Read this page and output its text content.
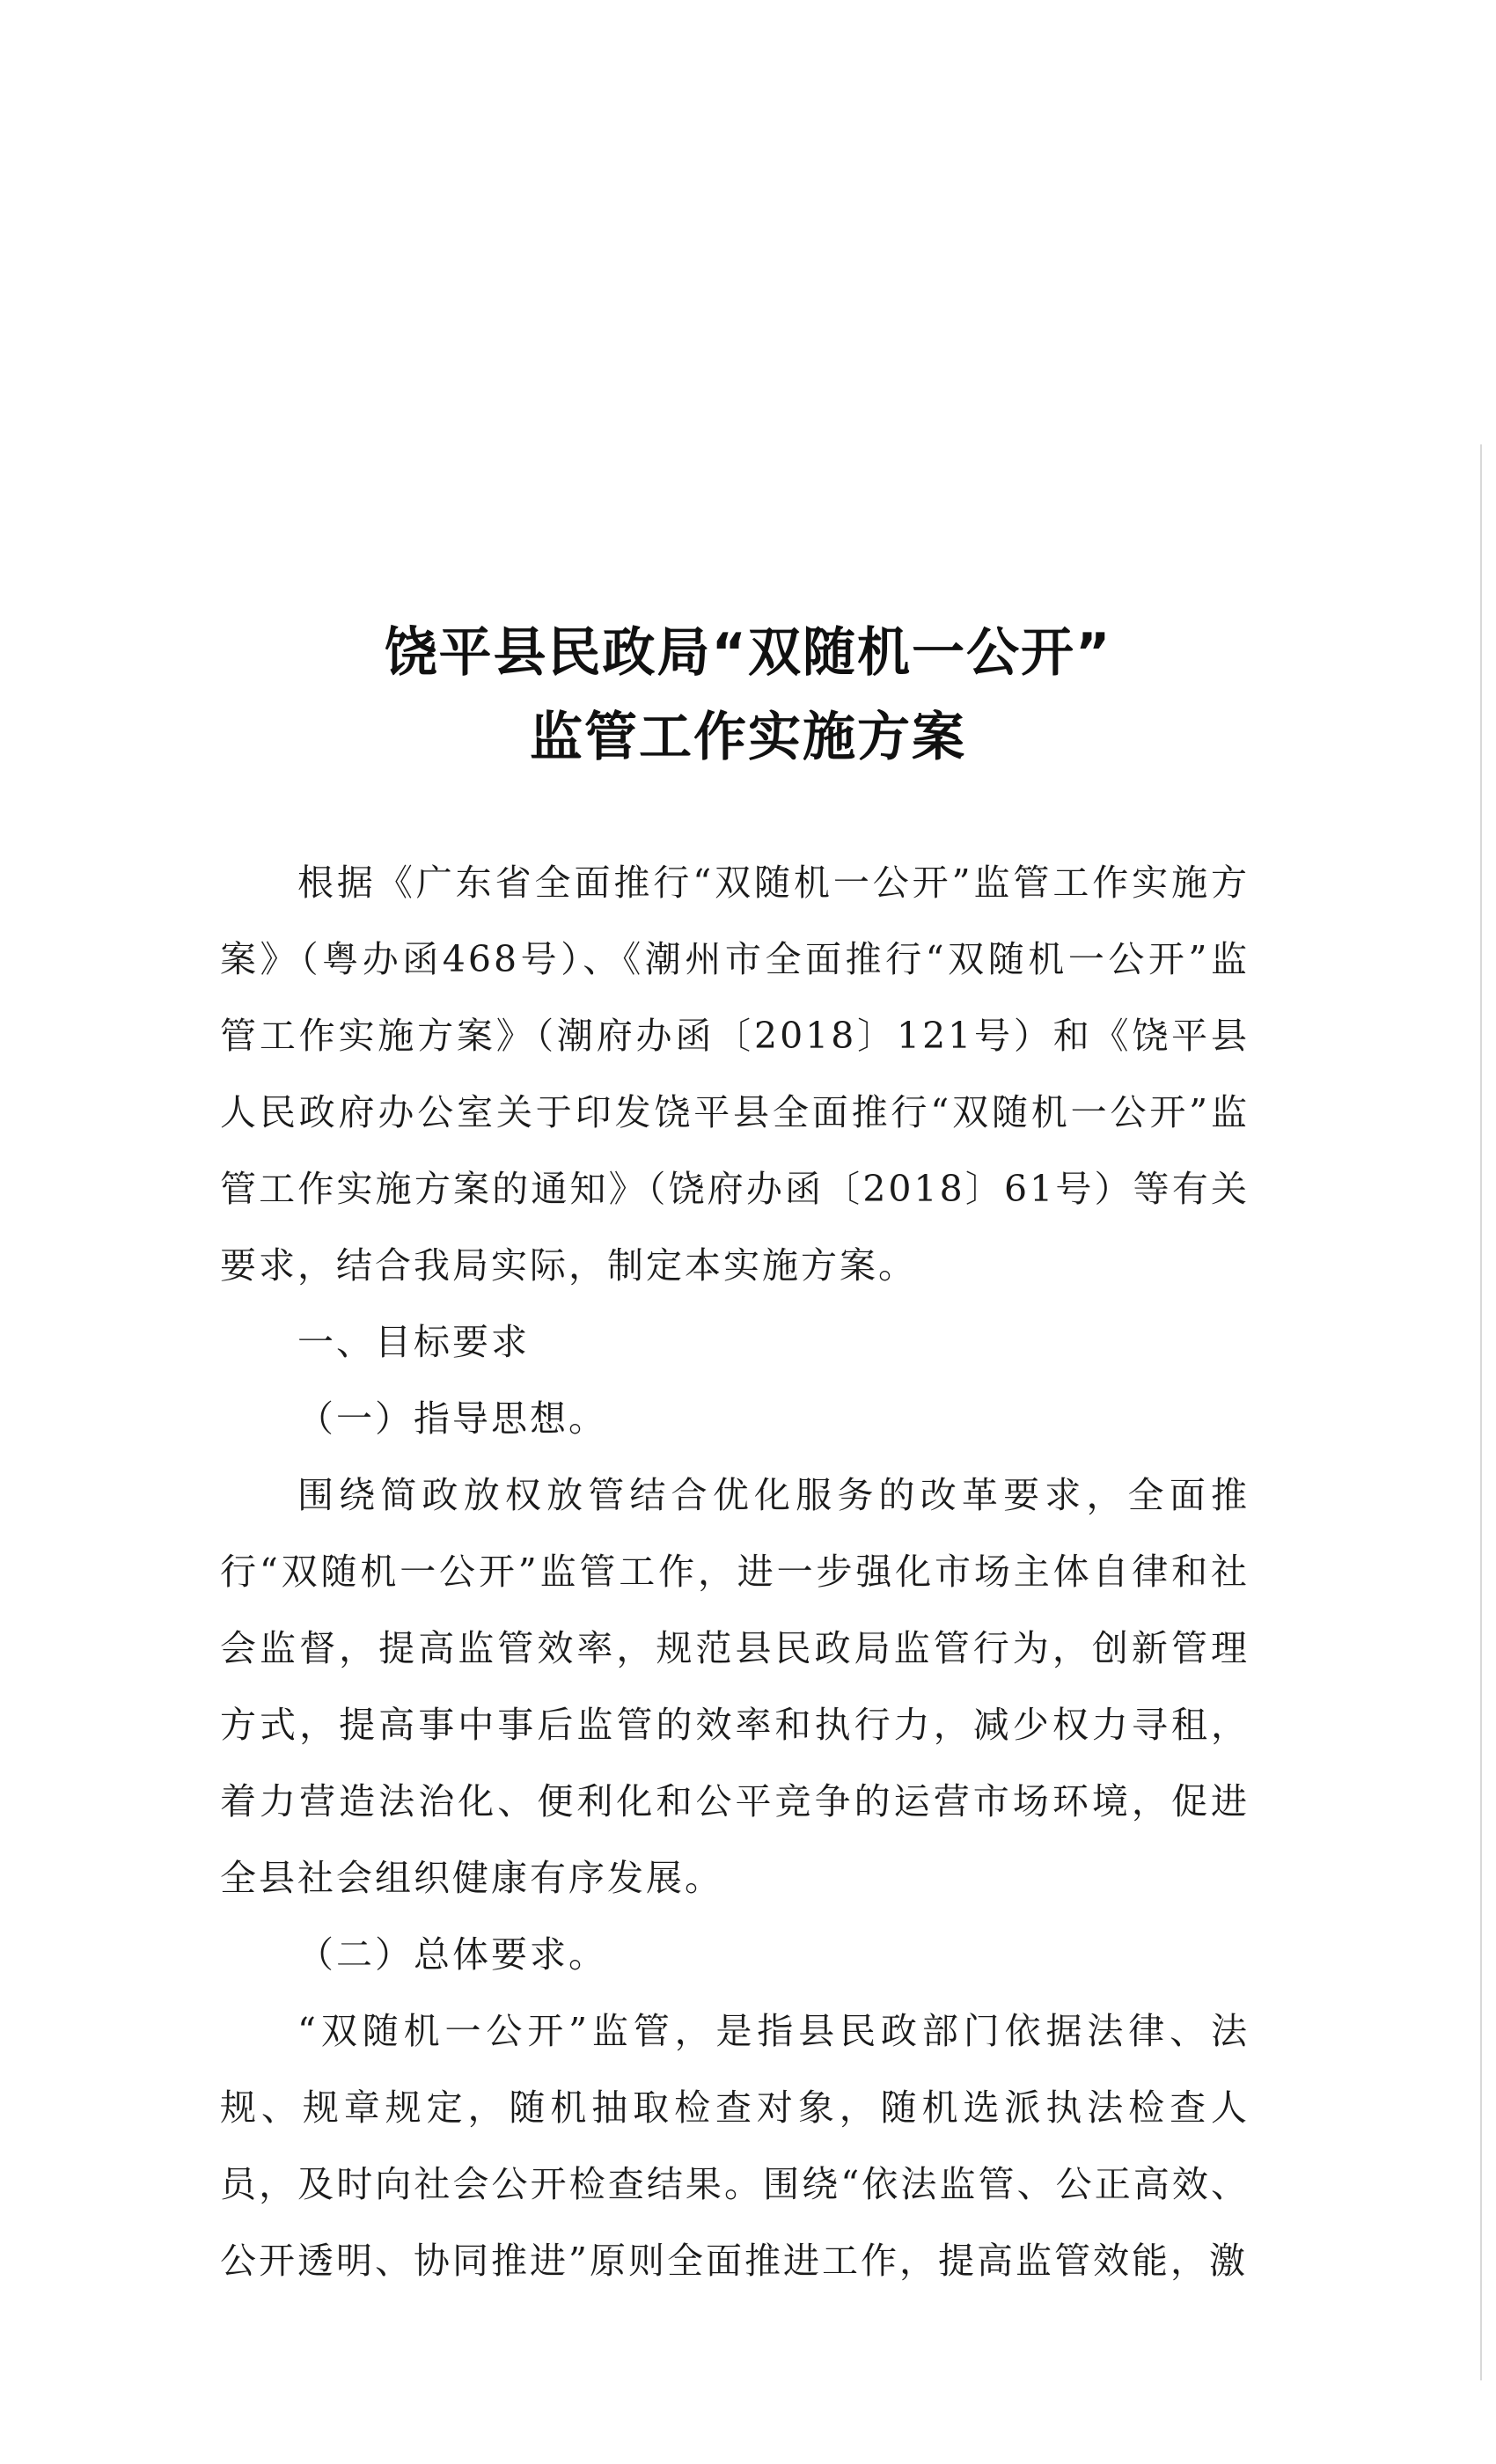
饶平县民政局“双随机一公开”
监管工作实施方案

根据《广东省全面推行“双随机一公开”监管工作实施方案》（粤办函468号）、《潮州市全面推行“双随机一公开”监管工作实施方案》（潮府办函〔2018〕121号）和《饶平县人民政府办公室关于印发饶平县全面推行“双随机一公开”监管工作实施方案的通知》（饶府办函〔2018〕61号）等有关要求，结合我局实际，制定本实施方案。

一、目标要求

（一）指导思想。

围绕简政放权放管结合优化服务的改革要求，全面推行“双随机一公开”监管工作，进一步强化市场主体自律和社会监督，提高监管效率，规范县民政局监管行为，创新管理方式，提高事中事后监管的效率和执行力，减少权力寻租，着力营造法治化、便利化和公平竞争的运营市场环境，促进全县社会组织健康有序发展。

（二）总体要求。

“双随机一公开”监管，是指县民政部门依据法律、法规、规章规定，随机抽取检查对象，随机选派执法检查人员，及时向社会公开检查结果。围绕“依法监管、公正高效、公开透明、协同推进”原则全面推进工作，提高监管效能，激
